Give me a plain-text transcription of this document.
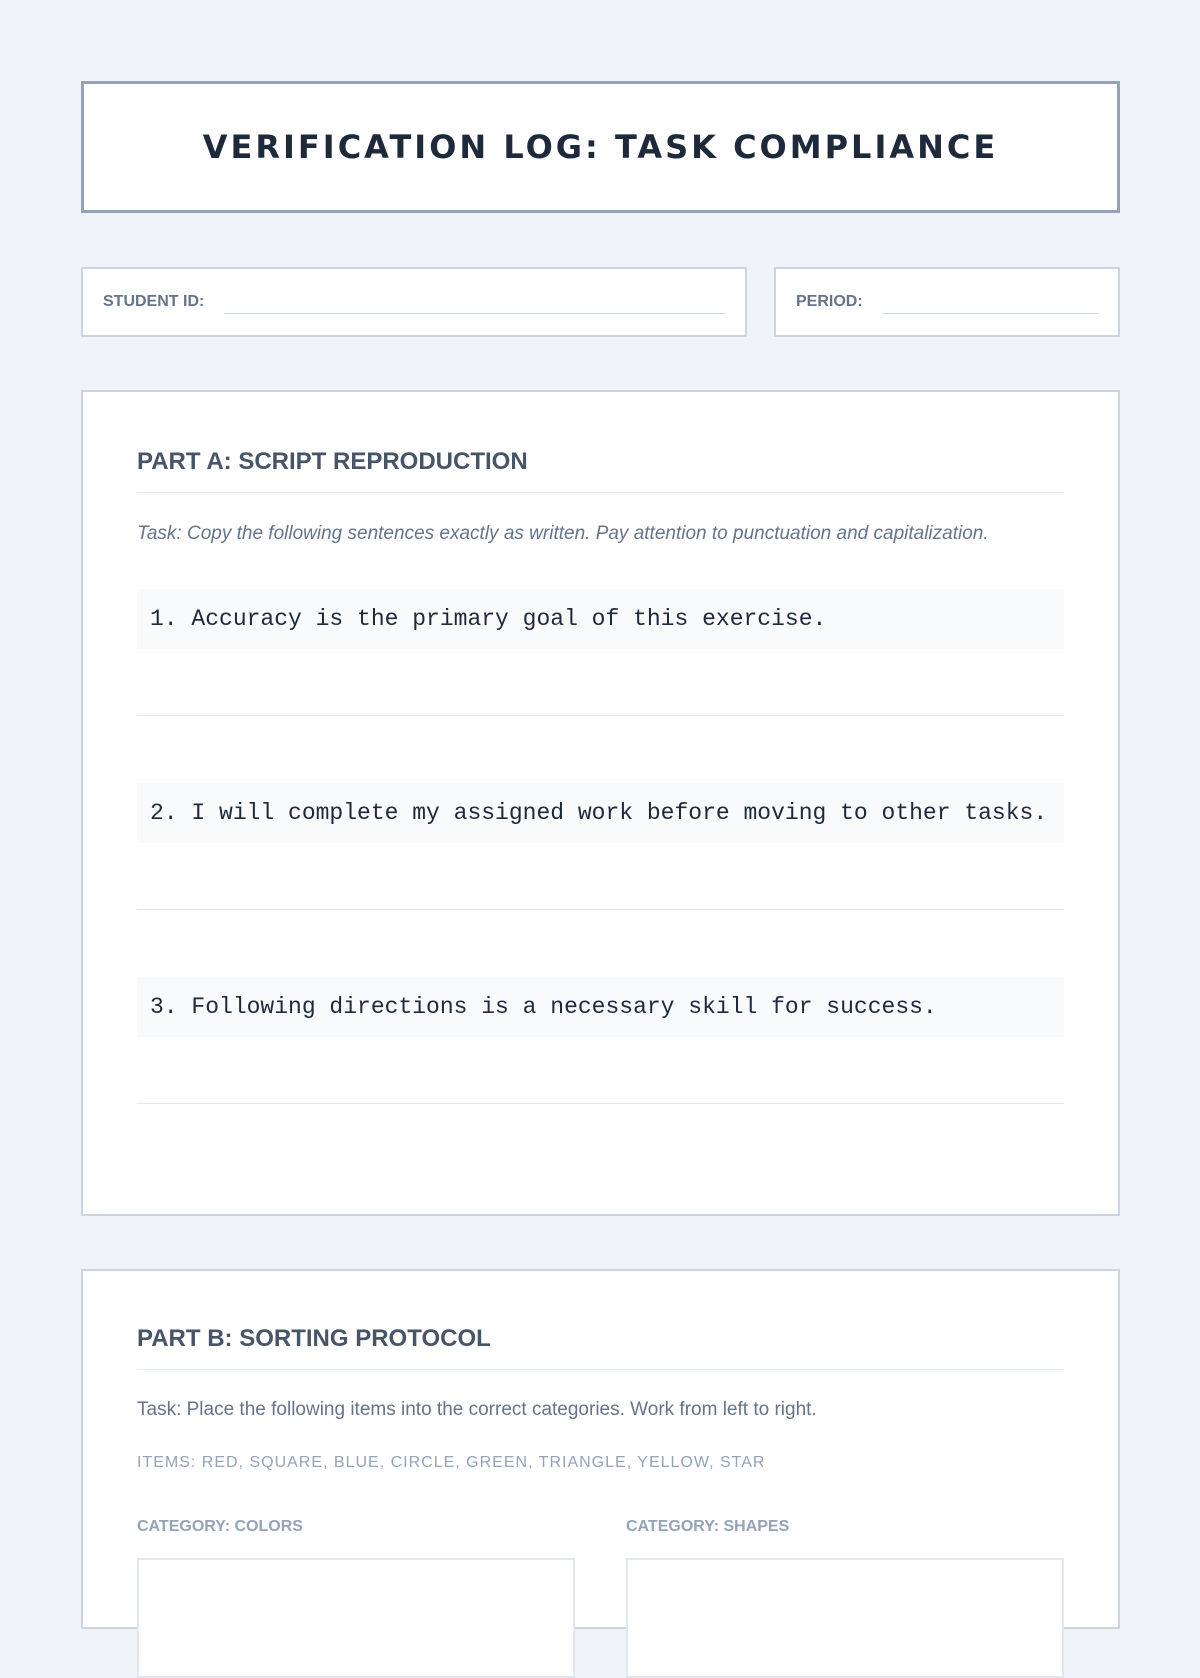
VERIFICATION LOG: TASK COMPLIANCE
STUDENT ID:	PERIOD:
PART A: SCRIPT REPRODUCTION

Task: Copy the following sentences exactly as written. Pay attention to punctuation and capitalization.

1. Accuracy is the primary goal of this exercise.
2. I will complete my assigned work before moving to other tasks.
3. Following directions is a necessary skill for success.
PART B: SORTING PROTOCOL

Task: Place the following items into the correct categories. Work from left to right.

ITEMS: RED, SQUARE, BLUE, CIRCLE, GREEN, TRIANGLE, YELLOW, STAR

CATEGORY: COLORS	CATEGORY: SHAPES
